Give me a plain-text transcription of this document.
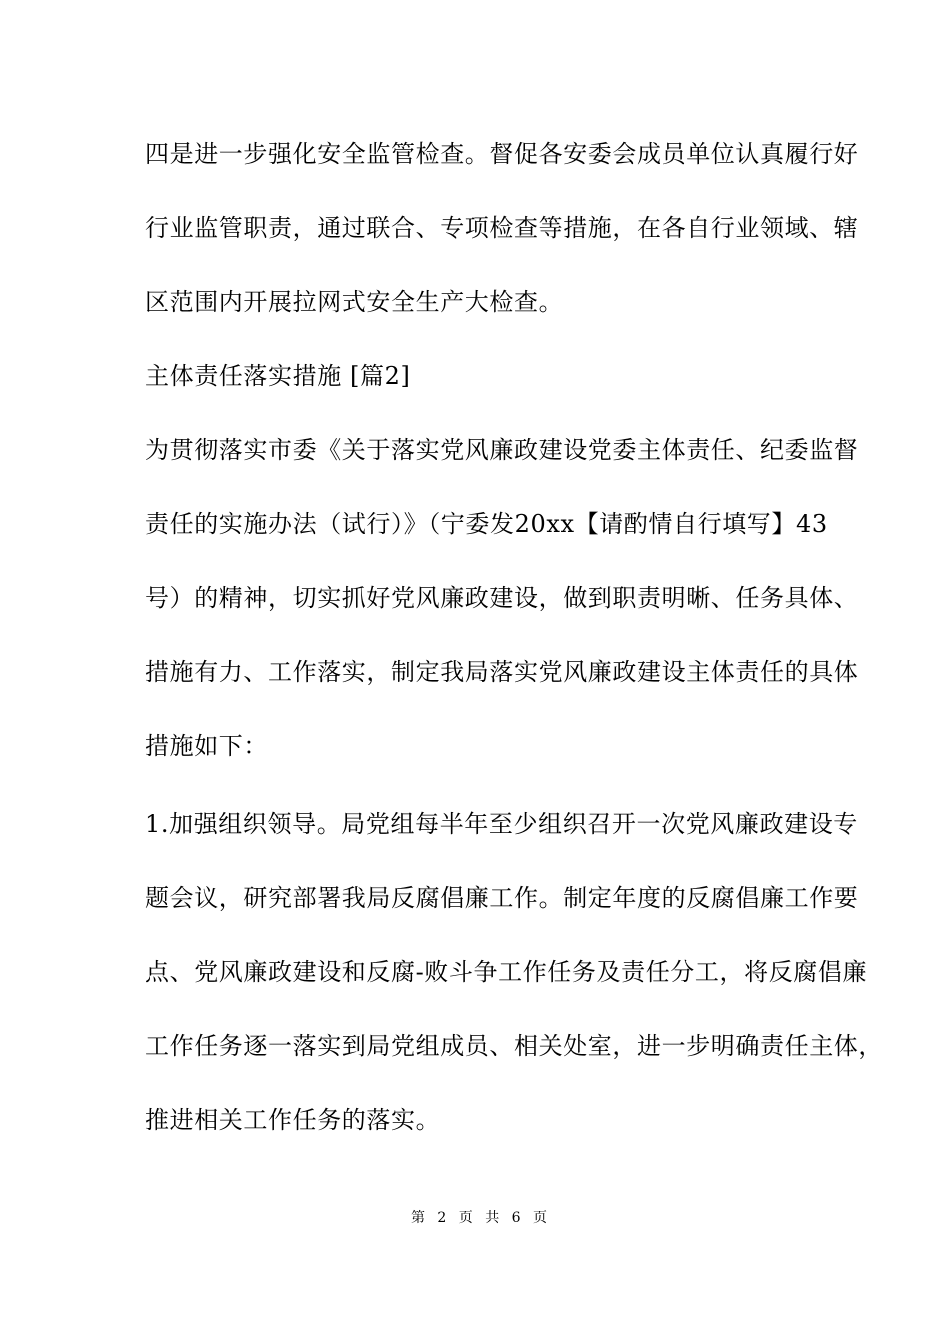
四是进一步强化安全监管检查。督促各安委会成员单位认真履行好
行业监管职责，通过联合、专项检查等措施，在各自行业领域、辖
区范围内开展拉网式安全生产大检查。
主体责任落实措施 [篇2]
为贯彻落实市委《关于落实党风廉政建设党委主体责任、纪委监督
责任的实施办法（试行）》（宁委发20xx【请酌情自行填写】43
号）的精神，切实抓好党风廉政建设，做到职责明晰、任务具体、
措施有力、工作落实，制定我局落实党风廉政建设主体责任的具体
措施如下：
1.加强组织领导。局党组每半年至少组织召开一次党风廉政建设专
题会议，研究部署我局反腐倡廉工作。制定年度的反腐倡廉工作要
点、党风廉政建设和反腐-败斗争工作任务及责任分工，将反腐倡廉
工作任务逐一落实到局党组成员、相关处室，进一步明确责任主体，
推进相关工作任务的落实。
第 2 页 共 6 页
